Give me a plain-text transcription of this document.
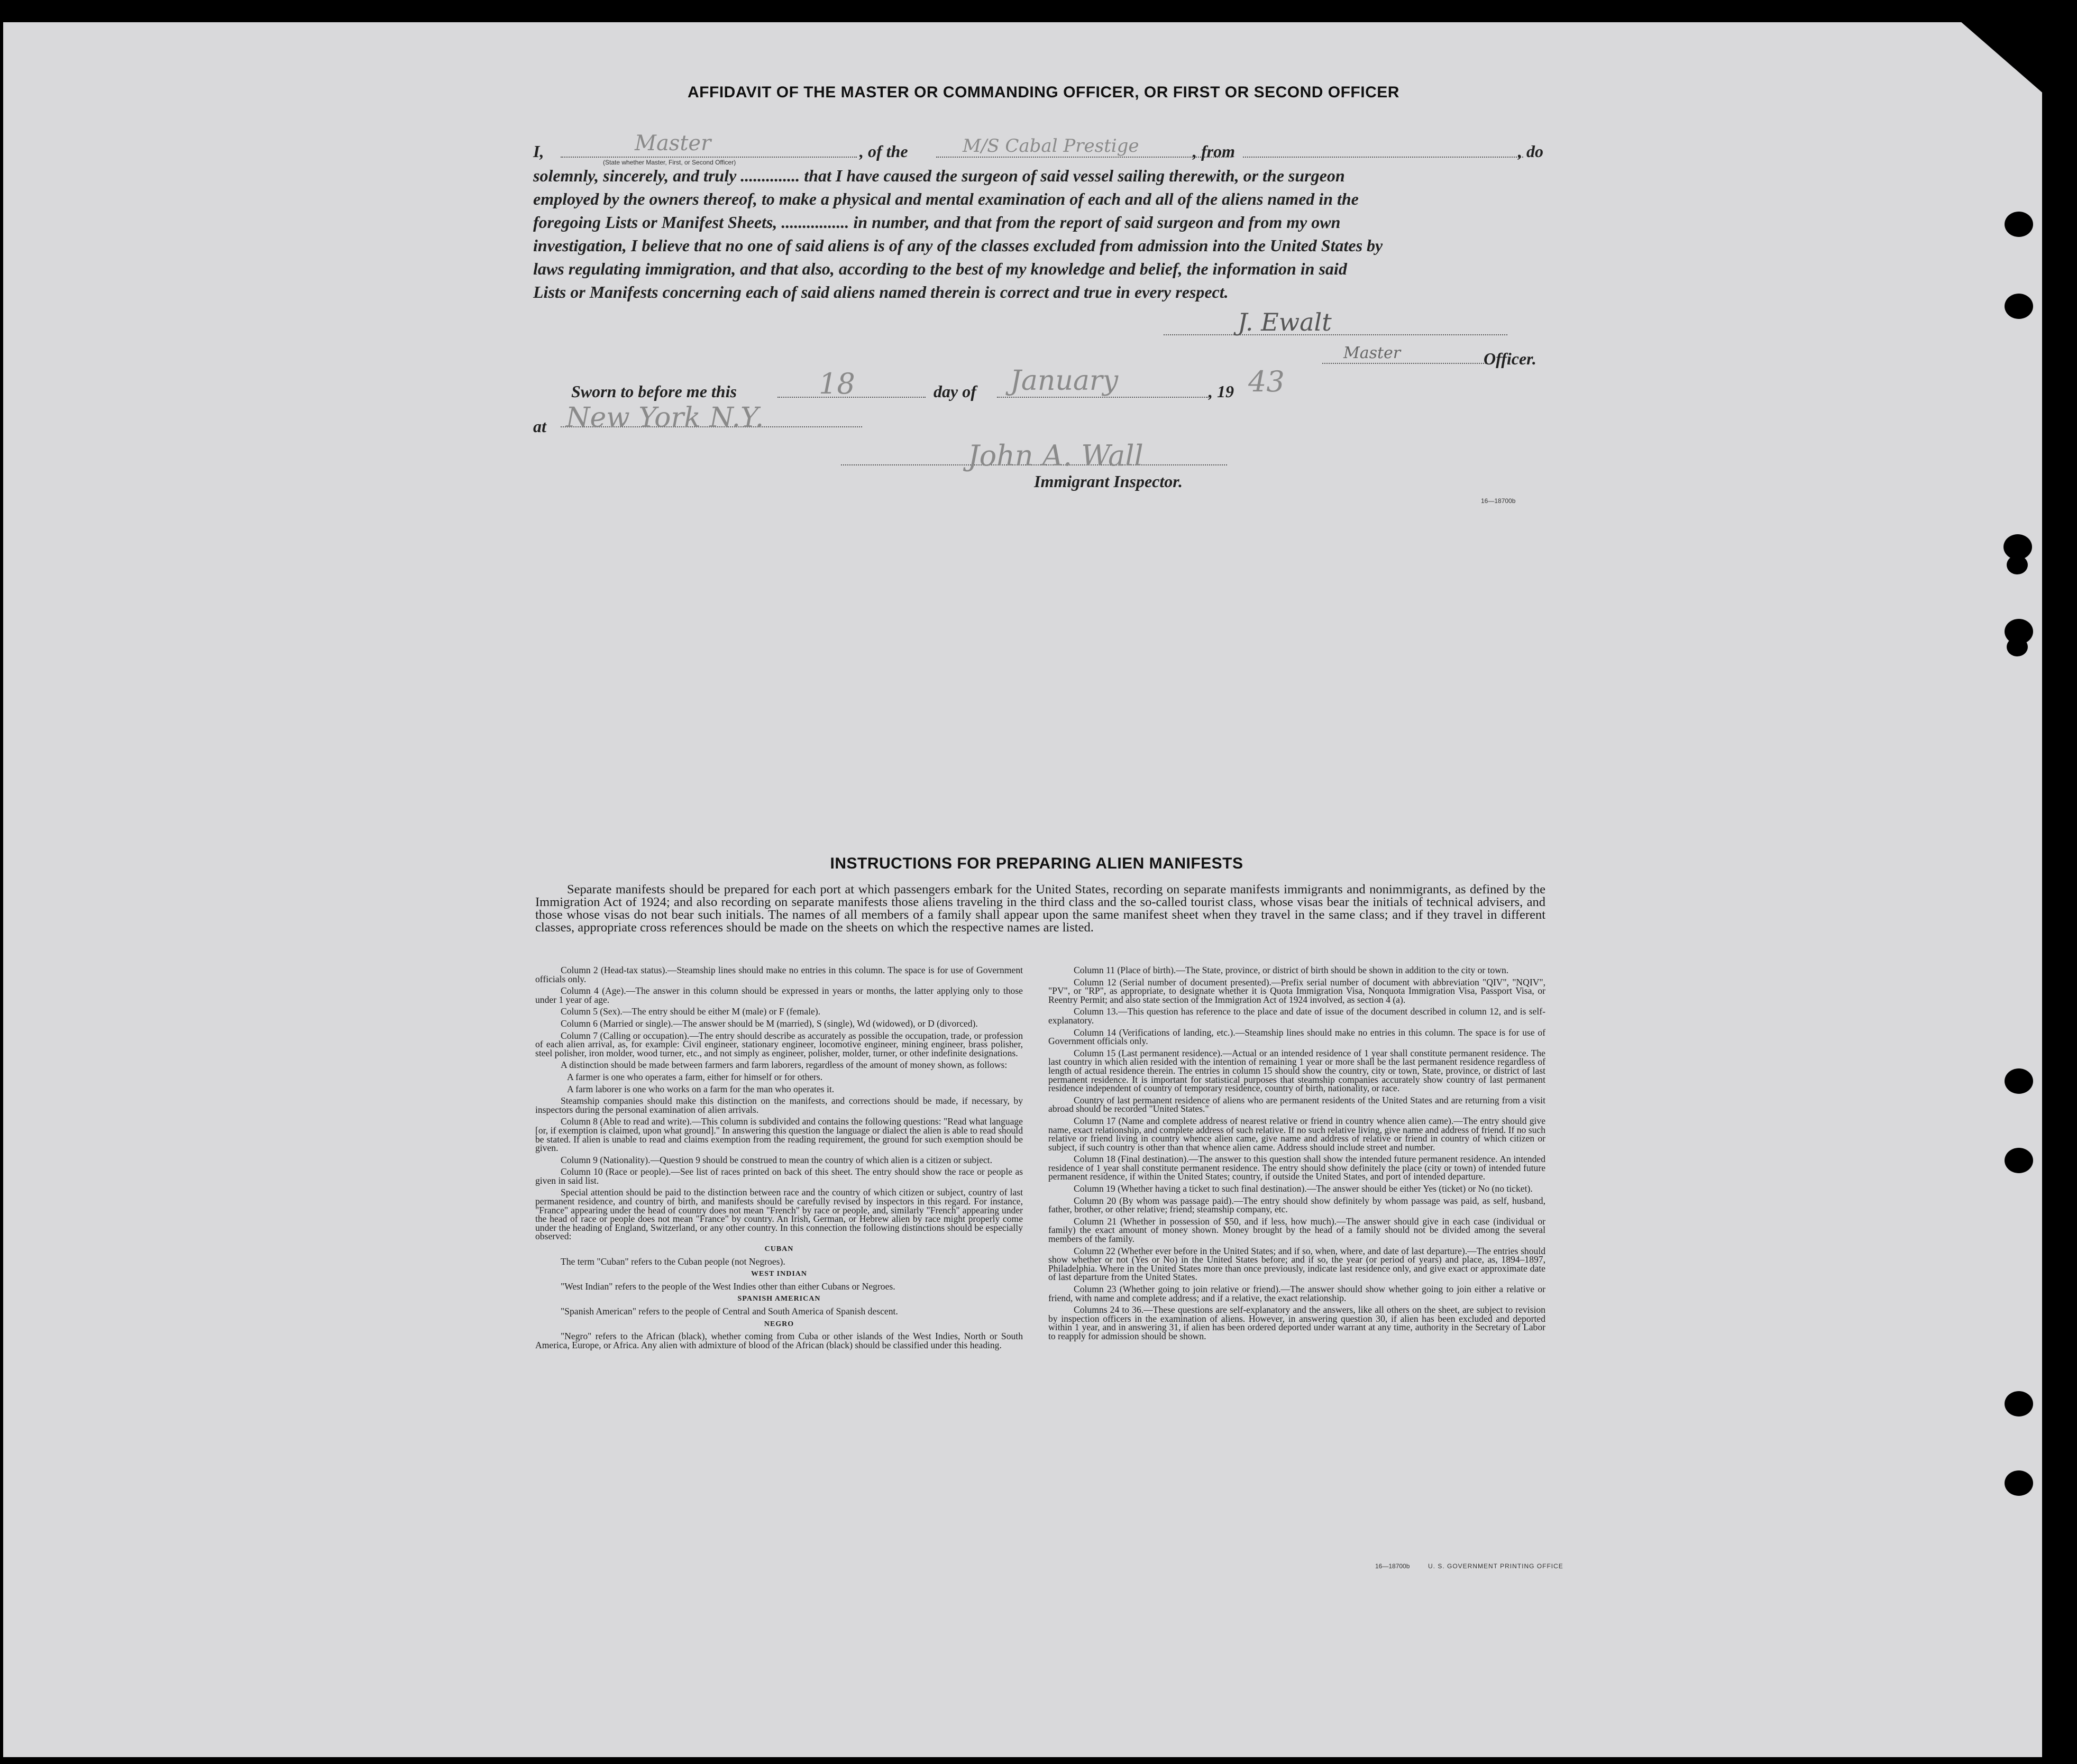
AFFIDAVIT OF THE MASTER OR COMMANDING OFFICER, OR FIRST OR SECOND OFFICER
I,	Master
(State whether Master, First, or Second Officer)
, of the	M/S Cabal Prestige	, from	, do
solemnly, sincerely, and truly .............. that I have caused the surgeon of said vessel sailing therewith, or the surgeon
employed by the owners thereof, to make a physical and mental examination of each and all of the aliens named in the
foregoing Lists or Manifest Sheets, ................ in number, and that from the report of said surgeon and from my own
investigation, I believe that no one of said aliens is of any of the classes excluded from admission into the United States by
laws regulating immigration, and that also, according to the best of my knowledge and belief, the information in said
Lists or Manifests concerning each of said aliens named therein is correct and true in every respect.
J. Ewalt
Master	Officer.
Sworn to before me this	18	day of January	, 19 43
at New York N.Y.
John A. Wall
Immigrant Inspector.
16—18700b
INSTRUCTIONS FOR PREPARING ALIEN MANIFESTS
Separate manifests should be prepared for each port at which passengers embark for the United States, recording on separate manifests immigrants and nonimmigrants, as defined by the Immigration Act of 1924; and also recording on separate manifests those aliens traveling in the third class and the so-called tourist class, whose visas bear the initials of technical advisers, and those whose visas do not bear such initials. The names of all members of a family shall appear upon the same manifest sheet when they travel in the same class; and if they travel in different classes, appropriate cross references should be made on the sheets on which the respective names are listed.

Column 2 (Head-tax status).—Steamship lines should make no entries in this column. The space is for use of Government officials only.

Column 4 (Age).—The answer in this column should be expressed in years or months, the latter applying only to those under 1 year of age.

Column 5 (Sex).—The entry should be either M (male) or F (female).

Column 6 (Married or single).—The answer should be M (married), S (single), Wd (widowed), or D (divorced).

Column 7 (Calling or occupation).—The entry should describe as accurately as possible the occupation, trade, or profession of each alien arrival, as, for example: Civil engineer, stationary engineer, locomotive engineer, mining engineer, brass polisher, steel polisher, iron molder, wood turner, etc., and not simply as engineer, polisher, molder, turner, or other indefinite designations.

A distinction should be made between farmers and farm laborers, regardless of the amount of money shown, as follows:

A farmer is one who operates a farm, either for himself or for others.

A farm laborer is one who works on a farm for the man who operates it.

Steamship companies should make this distinction on the manifests, and corrections should be made, if necessary, by inspectors during the personal examination of alien arrivals.

Column 8 (Able to read and write).—This column is subdivided and contains the following questions: "Read what language [or, if exemption is claimed, upon what ground]." In answering this question the language or dialect the alien is able to read should be stated. If alien is unable to read and claims exemption from the reading requirement, the ground for such exemption should be given.

Column 9 (Nationality).—Question 9 should be construed to mean the country of which alien is a citizen or subject.

Column 10 (Race or people).—See list of races printed on back of this sheet. The entry should show the race or people as given in said list.

Special attention should be paid to the distinction between race and the country of which citizen or subject, country of last permanent residence, and country of birth, and manifests should be carefully revised by inspectors in this regard. For instance, "France" appearing under the head of country does not mean "French" by race or people, and, similarly "French" appearing under the head of race or people does not mean "France" by country. An Irish, German, or Hebrew alien by race might properly come under the heading of England, Switzerland, or any other country. In this connection the following distinctions should be especially observed:

CUBAN

The term "Cuban" refers to the Cuban people (not Negroes).

WEST INDIAN

"West Indian" refers to the people of the West Indies other than either Cubans or Negroes.

SPANISH AMERICAN

"Spanish American" refers to the people of Central and South America of Spanish descent.

NEGRO

"Negro" refers to the African (black), whether coming from Cuba or other islands of the West Indies, North or South America, Europe, or Africa. Any alien with admixture of blood of the African (black) should be classified under this heading.

Column 11 (Place of birth).—The State, province, or district of birth should be shown in addition to the city or town.

Column 12 (Serial number of document presented).—Prefix serial number of document with abbreviation "QIV", "NQIV", "PV", or "RP", as appropriate, to designate whether it is Quota Immigration Visa, Nonquota Immigration Visa, Passport Visa, or Reentry Permit; and also state section of the Immigration Act of 1924 involved, as section 4 (a).

Column 13.—This question has reference to the place and date of issue of the document described in column 12, and is self-explanatory.

Column 14 (Verifications of landing, etc.).—Steamship lines should make no entries in this column. The space is for use of Government officials only.

Column 15 (Last permanent residence).—Actual or an intended residence of 1 year shall constitute permanent residence. The last country in which alien resided with the intention of remaining 1 year or more shall be the last permanent residence regardless of length of actual residence therein. The entries in column 15 should show the country, city or town, State, province, or district of last permanent residence. It is important for statistical purposes that steamship companies accurately show country of last permanent residence independent of country of temporary residence, country of birth, nationality, or race.

Country of last permanent residence of aliens who are permanent residents of the United States and are returning from a visit abroad should be recorded "United States."

Column 17 (Name and complete address of nearest relative or friend in country whence alien came).—The entry should give name, exact relationship, and complete address of such relative. If no such relative living, give name and address of friend. If no such relative or friend living in country whence alien came, give name and address of relative or friend in country of which citizen or subject, if such country is other than that whence alien came. Address should include street and number.

Column 18 (Final destination).—The answer to this question shall show the intended future permanent residence. An intended residence of 1 year shall constitute permanent residence. The entry should show definitely the place (city or town) of intended future permanent residence, if within the United States; country, if outside the United States, and port of intended departure.

Column 19 (Whether having a ticket to such final destination).—The answer should be either Yes (ticket) or No (no ticket).

Column 20 (By whom was passage paid).—The entry should show definitely by whom passage was paid, as self, husband, father, brother, or other relative; friend; steamship company, etc.

Column 21 (Whether in possession of $50, and if less, how much).—The answer should give in each case (individual or family) the exact amount of money shown. Money brought by the head of a family should not be divided among the several members of the family.

Column 22 (Whether ever before in the United States; and if so, when, where, and date of last departure).—The entries should show whether or not (Yes or No) in the United States before; and if so, the year (or period of years) and place, as, 1894–1897, Philadelphia. Where in the United States more than once previously, indicate last residence only, and give exact or approximate date of last departure from the United States.

Column 23 (Whether going to join relative or friend).—The answer should show whether going to join either a relative or friend, with name and complete address; and if a relative, the exact relationship.

Columns 24 to 36.—These questions are self-explanatory and the answers, like all others on the sheet, are subject to revision by inspection officers in the examination of aliens. However, in answering question 30, if alien has been excluded and deported within 1 year, and in answering 31, if alien has been ordered deported under warrant at any time, authority in the Secretary of Labor to reapply for admission should be shown.

16—18700b	U. S. GOVERNMENT PRINTING OFFICE
